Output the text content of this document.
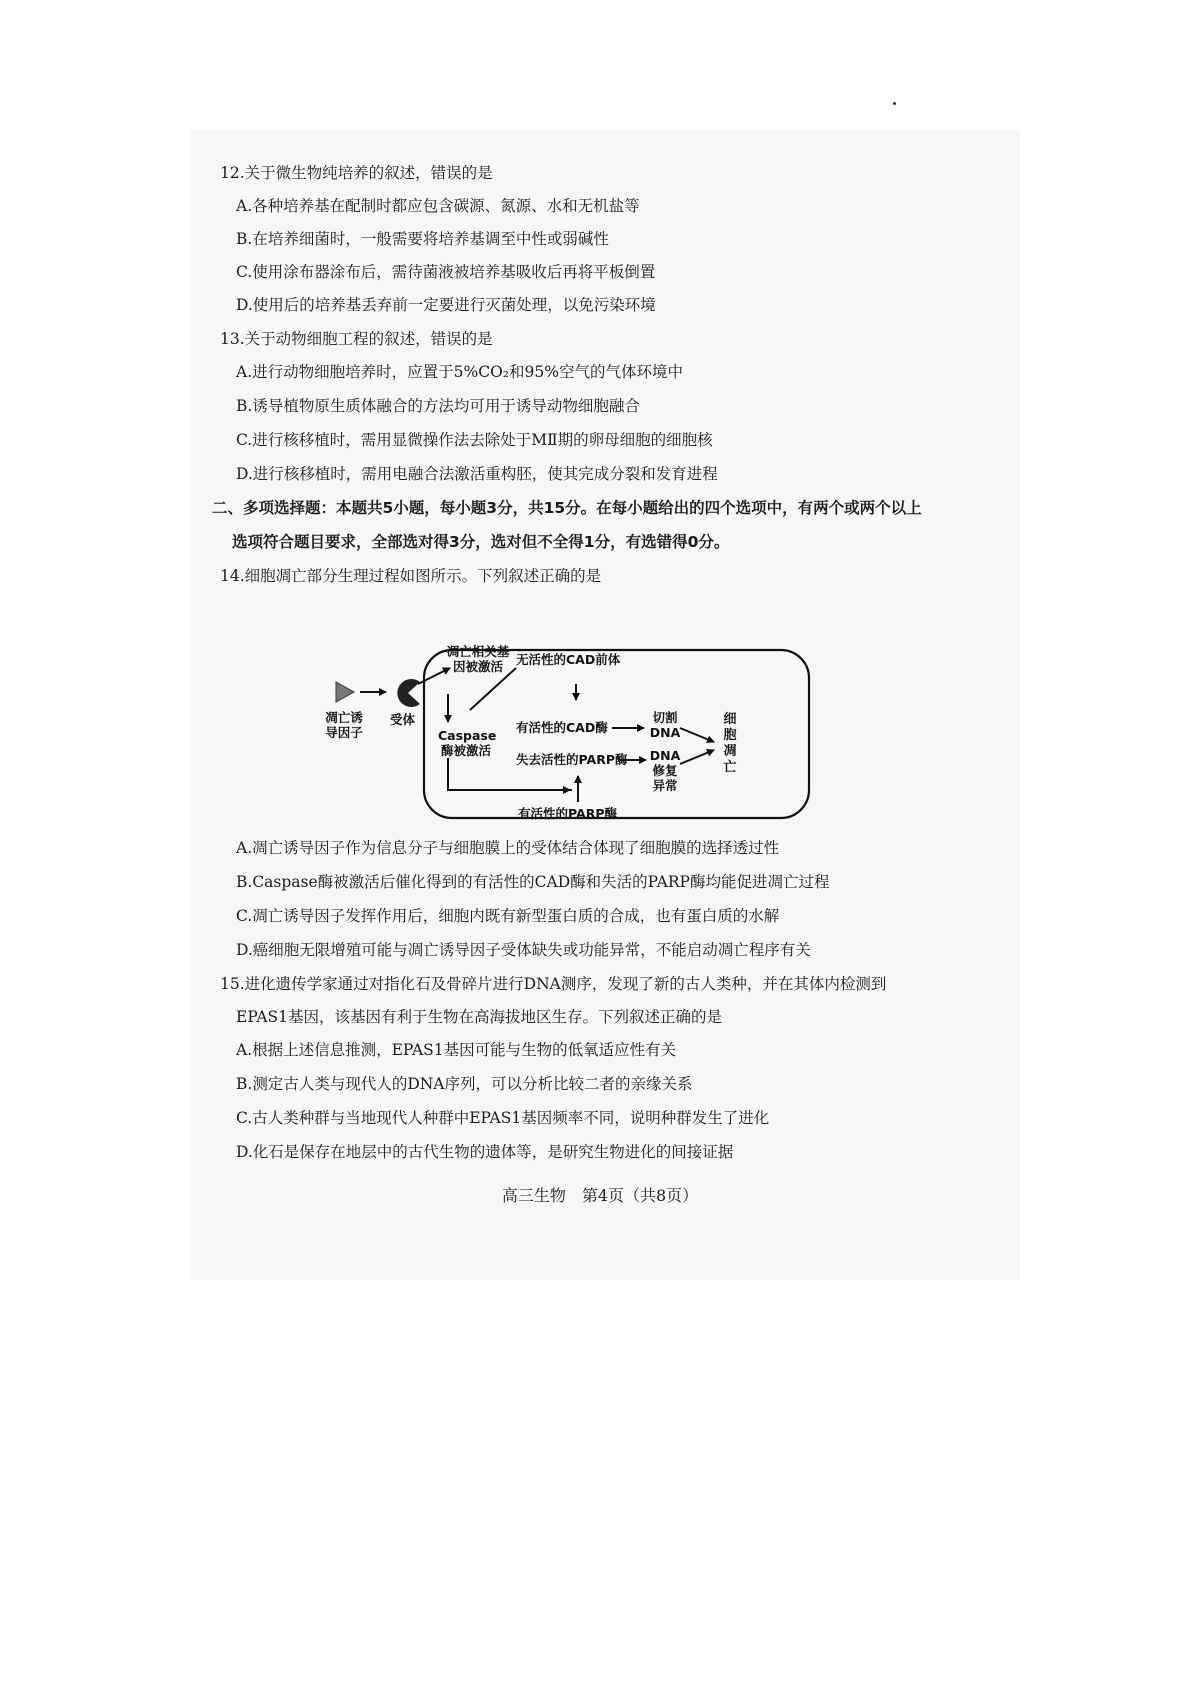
12.关于微生物纯培养的叙述，错误的是
A.各种培养基在配制时都应包含碳源、氮源、水和无机盐等
B.在培养细菌时，一般需要将培养基调至中性或弱碱性
C.使用涂布器涂布后，需待菌液被培养基吸收后再将平板倒置
D.使用后的培养基丢弃前一定要进行灭菌处理，以免污染环境
13.关于动物细胞工程的叙述，错误的是
A.进行动物细胞培养时，应置于5%CO₂和95%空气的气体环境中
B.诱导植物原生质体融合的方法均可用于诱导动物细胞融合
C.进行核移植时，需用显微操作法去除处于MⅡ期的卵母细胞的细胞核
D.进行核移植时，需用电融合法激活重构胚，使其完成分裂和发育进程
二、多项选择题：本题共5小题，每小题3分，共15分。在每小题给出的四个选项中，有两个或两个以上
选项符合题目要求，全部选对得3分，选对但不全得1分，有选错得0分。
14.细胞凋亡部分生理过程如图所示。下列叙述正确的是
凋亡诱导因子
受体
凋亡相关基因被激活
Caspase酶被激活
无活性的CAD前体
有活性的CAD酶
切割DNA
失去活性的PARP酶 DNA修复异常
有活性的PARP酶
细胞凋亡
A.凋亡诱导因子作为信息分子与细胞膜上的受体结合体现了细胞膜的选择透过性
B.Caspase酶被激活后催化得到的有活性的CAD酶和失活的PARP酶均能促进凋亡过程
C.凋亡诱导因子发挥作用后，细胞内既有新型蛋白质的合成，也有蛋白质的水解
D.癌细胞无限增殖可能与凋亡诱导因子受体缺失或功能异常，不能启动凋亡程序有关
15.进化遗传学家通过对指化石及骨碎片进行DNA测序，发现了新的古人类种，并在其体内检测到
EPAS1基因，该基因有利于生物在高海拔地区生存。下列叙述正确的是
A.根据上述信息推测，EPAS1基因可能与生物的低氧适应性有关
B.测定古人类与现代人的DNA序列，可以分析比较二者的亲缘关系
C.古人类种群与当地现代人种群中EPAS1基因频率不同，说明种群发生了进化
D.化石是保存在地层中的古代生物的遗体等，是研究生物进化的间接证据
高三生物　第4页（共8页）
